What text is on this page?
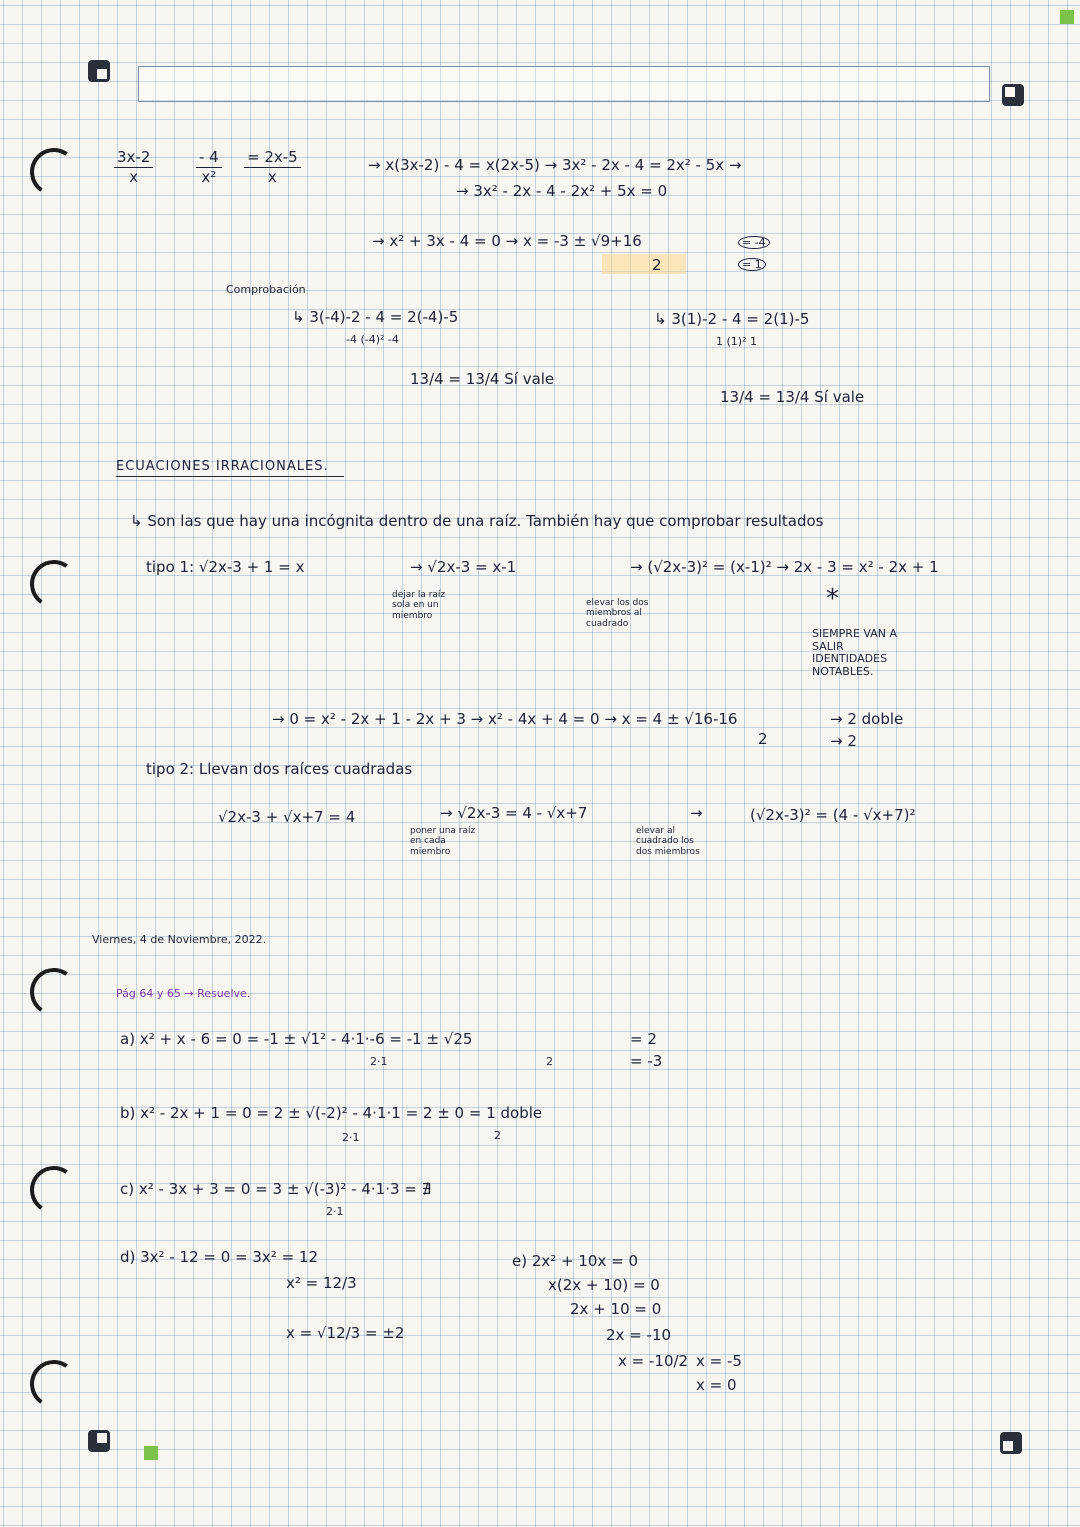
$\frac{3x-2}{x}$	$\frac{- 4}{\text{x²}} \frac{= 2x-5}{x}$	→ x(3x-2) - 4 = x(2x-5) → 3x² - 2x - 4 = 2x² - 5x →
→ 3x² - 2x - 4 - 2x² + 5x = 0
→ x² + 3x - 4 = 0 → x = -3 ± √9+16
2
= -4
= 1
Comprobación
↳ 3(-4)-2 - 4 = 2(-4)-5
-4 (-4)² -4
↳ 3(1)-2 - 4 = 2(1)-5
1 (1)² 1
13/4 = 13/4 Sí vale
13/4 = 13/4 Sí vale
ECUACIONES IRRACIONALES.
↳ Son las que hay una incógnita dentro de una raíz. También hay que comprobar resultados
tipo 1: √2x-3 + 1 = x	→ √2x-3 = x-1	→ (√2x-3)² = (x-1)² → 2x - 3 = x² - 2x + 1
dejar la raíz sola en un miembro
elevar los dos miembros al cuadrado
*
SIEMPRE VAN A SALIR IDENTIDADES NOTABLES.
→ 0 = x² - 2x + 1 - 2x + 3 → x² - 4x + 4 = 0 → x = 4 ± √16-16
2
→ 2 doble
→ 2
tipo 2: Llevan dos raíces cuadradas
√2x-3 + √x+7 = 4	→ √2x-3 = 4 - √x+7	→	(√2x-3)² = (4 - √x+7)²
poner una raíz en cada miembro
elevar al cuadrado los dos miembros
Viernes, 4 de Noviembre, 2022.
Pág 64 y 65 → Resuelve.
a) x² + x - 6 = 0 = -1 ± √1² - 4·1·-6 = -1 ± √25
2·1	2
= 2
= -3
b) x² - 2x + 1 = 0 = 2 ± √(-2)² - 4·1·1 = 2 ± 0 = 1 doble
2·1	2
c) x² - 3x + 3 = 0 = 3 ± √(-3)² - 4·1·3 = ∄
2·1
d) 3x² - 12 = 0 = 3x² = 12
x² = 12/3
x = √12/3 = ±2
e) 2x² + 10x = 0
x(2x + 10) = 0
2x + 10 = 0
2x = -10
x = -10/2 x = -5
x = 0
